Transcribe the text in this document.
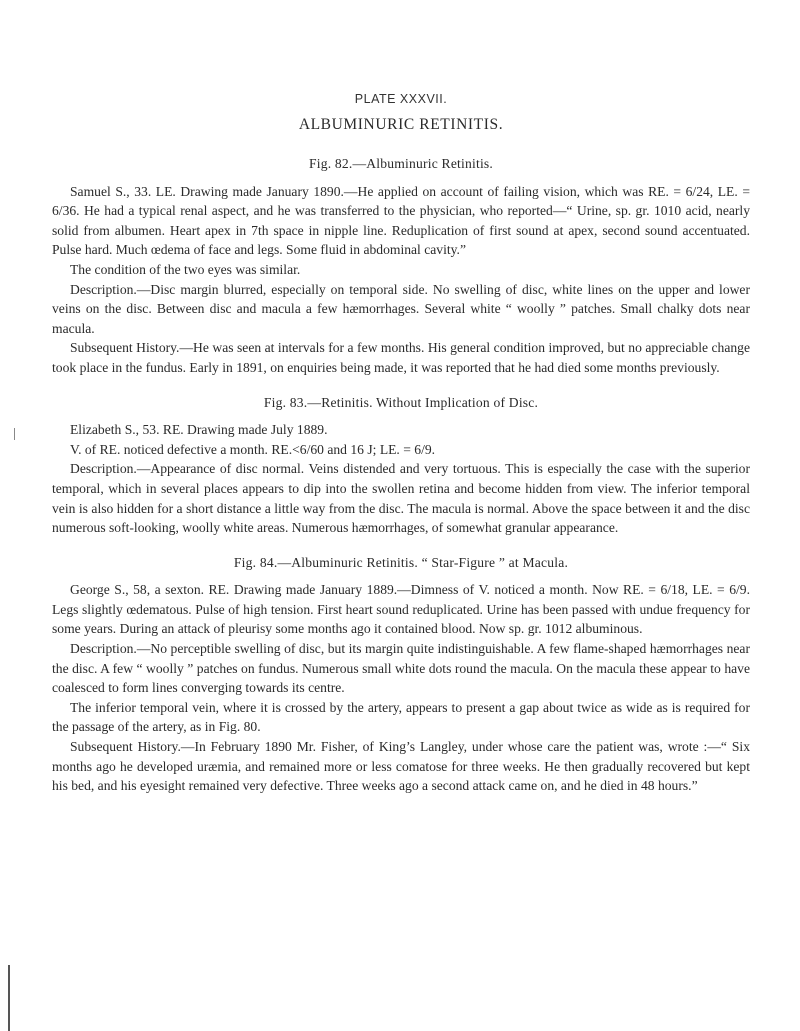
PLATE XXXVII.
ALBUMINURIC RETINITIS.
Fig. 82.—Albuminuric Retinitis.

Samuel S., 33. LE. Drawing made January 1890.—He applied on account of failing vision, which was RE. = 6/24, LE. = 6/36. He had a typical renal aspect, and he was transferred to the physician, who reported—“ Urine, sp. gr. 1010 acid, nearly solid from albumen. Heart apex in 7th space in nipple line. Reduplication of first sound at apex, second sound accentuated. Pulse hard. Much œdema of face and legs. Some fluid in abdominal cavity.”

The condition of the two eyes was similar.

Description.—Disc margin blurred, especially on temporal side. No swelling of disc, white lines on the upper and lower veins on the disc. Between disc and macula a few hæmorrhages. Several white “ woolly ” patches. Small chalky dots near macula.

Subsequent History.—He was seen at intervals for a few months. His general condition improved, but no appreciable change took place in the fundus. Early in 1891, on enquiries being made, it was reported that he had died some months previously.

Fig. 83.—Retinitis. Without Implication of Disc.

Elizabeth S., 53. RE. Drawing made July 1889.

V. of RE. noticed defective a month. RE.<6/60 and 16 J; LE. = 6/9.

Description.—Appearance of disc normal. Veins distended and very tortuous. This is especially the case with the superior temporal, which in several places appears to dip into the swollen retina and become hidden from view. The inferior temporal vein is also hidden for a short distance a little way from the disc. The macula is normal. Above the space between it and the disc numerous soft-looking, woolly white areas. Numerous hæmorrhages, of somewhat granular appearance.

Fig. 84.—Albuminuric Retinitis. “ Star-Figure ” at Macula.

George S., 58, a sexton. RE. Drawing made January 1889.—Dimness of V. noticed a month. Now RE. = 6/18, LE. = 6/9. Legs slightly œdematous. Pulse of high tension. First heart sound reduplicated. Urine has been passed with undue frequency for some years. During an attack of pleurisy some months ago it contained blood. Now sp. gr. 1012 albuminous.

Description.—No perceptible swelling of disc, but its margin quite indistinguishable. A few flame-shaped hæmorrhages near the disc. A few “ woolly ” patches on fundus. Numerous small white dots round the macula. On the macula these appear to have coalesced to form lines converging towards its centre.

The inferior temporal vein, where it is crossed by the artery, appears to present a gap about twice as wide as is required for the passage of the artery, as in Fig. 80.

Subsequent History.—In February 1890 Mr. Fisher, of King’s Langley, under whose care the patient was, wrote :—“ Six months ago he developed uræmia, and remained more or less comatose for three weeks. He then gradually recovered but kept his bed, and his eyesight remained very defective. Three weeks ago a second attack came on, and he died in 48 hours.”
